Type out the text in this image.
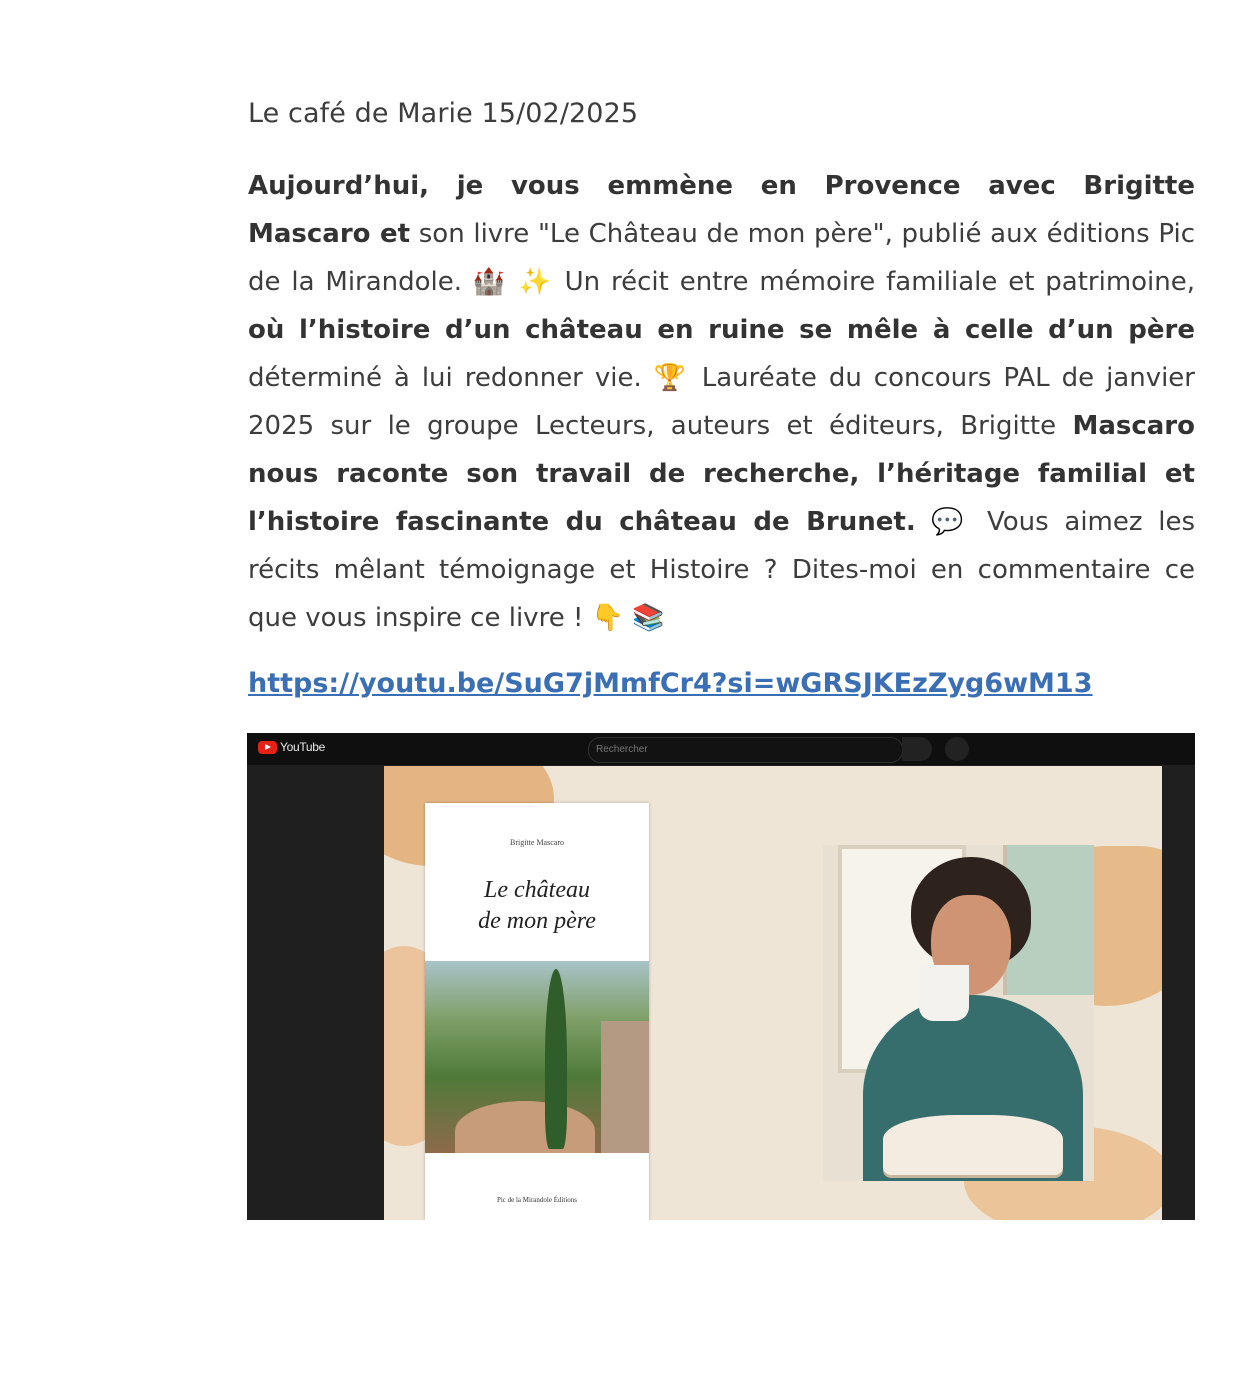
Le café de Marie 15/02/2025
Aujourd’hui, je vous emmène en Provence avec Brigitte Mascaro et son livre "Le Château de mon père", publié aux éditions Pic de la Mirandole. 🏰 ✨ Un récit entre mémoire familiale et patrimoine, où l’histoire d’un château en ruine se mêle à celle d’un père déterminé à lui redonner vie. 🏆 Lauréate du concours PAL de janvier 2025 sur le groupe Lecteurs, auteurs et éditeurs, Brigitte Mascaro nous raconte son travail de recherche, l’héritage familial et l’histoire fascinante du château de Brunet. 💬 Vous aimez les récits mêlant témoignage et Histoire ? Dites-moi en commentaire ce que vous inspire ce livre ! 👇 📚
https://youtu.be/SuG7jMmfCr4?si=wGRSJKEzZyg6wM13
YouTube	Rechercher
Brigitte Mascaro
Le château
de mon père
Pic de la Mirandole Éditions
